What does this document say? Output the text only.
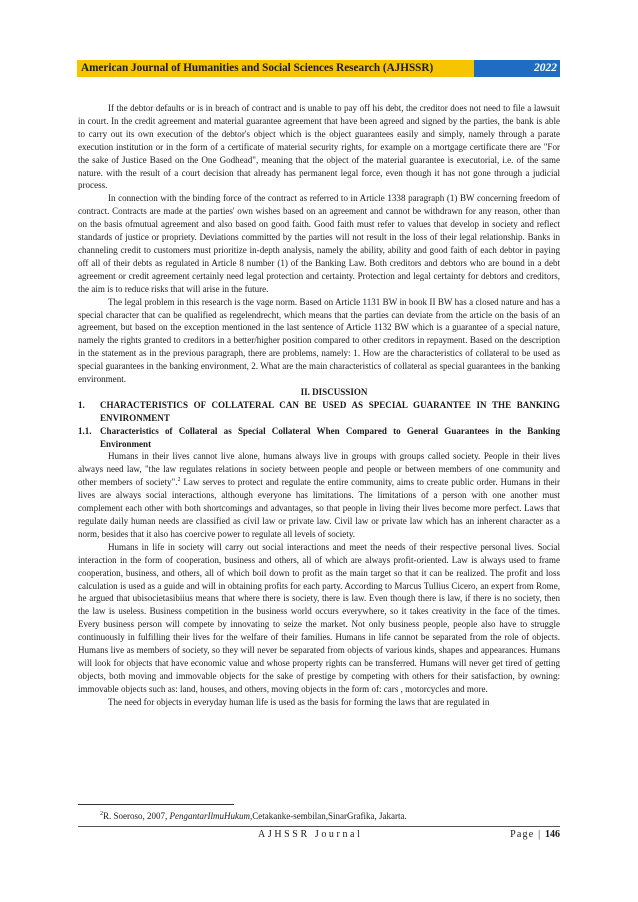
American Journal of Humanities and Social Sciences Research (AJHSSR)	2022

If the debtor defaults or is in breach of contract and is unable to pay off his debt, the creditor does not need to file a lawsuit in court. In the credit agreement and material guarantee agreement that have been agreed and signed by the parties, the bank is able to carry out its own execution of the debtor's object which is the object guarantees easily and simply, namely through a parate execution institution or in the form of a certificate of material security rights, for example on a mortgage certificate there are "For the sake of Justice Based on the One Godhead", meaning that the object of the material guarantee is executorial, i.e. of the same nature. with the result of a court decision that already has permanent legal force, even though it has not gone through a judicial process.

In connection with the binding force of the contract as referred to in Article 1338 paragraph (1) BW concerning freedom of contract. Contracts are made at the parties' own wishes based on an agreement and cannot be withdrawn for any reason, other than on the basis ofmutual agreement and also based on good faith. Good faith must refer to values that develop in society and reflect standards of justice or propriety. Deviations committed by the parties will not result in the loss of their legal relationship. Banks in channeling credit to customers must prioritize in-depth analysis, namely the ability, ability and good faith of each debtor in paying off all of their debts as regulated in Article 8 number (1) of the Banking Law. Both creditors and debtors who are bound in a debt agreement or credit agreement certainly need legal protection and certainty. Protection and legal certainty for debtors and creditors, the aim is to reduce risks that will arise in the future.

The legal problem in this research is the vage norm. Based on Article 1131 BW in book II BW has a closed nature and has a special character that can be qualified as regelendrecht, which means that the parties can deviate from the article on the basis of an agreement, but based on the exception mentioned in the last sentence of Article 1132 BW which is a guarantee of a special nature, namely the rights granted to creditors in a better/higher position compared to other creditors in repayment. Based on the description in the statement as in the previous paragraph, there are problems, namely: 1. How are the characteristics of collateral to be used as special guarantees in the banking environment, 2. What are the main characteristics of collateral as special guarantees in the banking environment.

II. DISCUSSION

1.	CHARACTERISTICS OF COLLATERAL CAN BE USED AS SPECIAL GUARANTEE IN THE BANKING ENVIRONMENT
1.1. Characteristics of Collateral as Special Collateral When Compared to General Guarantees in the Banking Environment

Humans in their lives cannot live alone, humans always live in groups with groups called society. People in their lives always need law, "the law regulates relations in society between people and people or between members of one community and other members of society".$^2$ Law serves to protect and regulate the entire community, aims to create public order. Humans in their lives are always social interactions, although everyone has limitations. The limitations of a person with one another must complement each other with both shortcomings and advantages, so that people in living their lives become more perfect. Laws that regulate daily human needs are classified as civil law or private law. Civil law or private law which has an inherent character as a norm, besides that it also has coercive power to regulate all levels of society.

Humans in life in society will carry out social interactions and meet the needs of their respective personal lives. Social interaction in the form of cooperation, business and others, all of which are always profit-oriented. Law is always used to frame cooperation, business, and others, all of which boil down to profit as the main target so that it can be realized. The profit and loss calculation is used as a guide and will in obtaining profits for each party. According to Marcus Tullius Cicero, an expert from Rome, he argued that ubisocietasibiius means that where there is society, there is law. Even though there is law, if there is no society, then the law is useless. Business competition in the business world occurs everywhere, so it takes creativity in the face of the times. Every business person will compete by innovating to seize the market. Not only business people, people also have to struggle continuously in fulfilling their lives for the welfare of their families. Humans in life cannot be separated from the role of objects. Humans live as members of society, so they will never be separated from objects of various kinds, shapes and appearances. Humans will look for objects that have economic value and whose property rights can be transferred. Humans will never get tired of getting objects, both moving and immovable objects for the sake of prestige by competing with others for their satisfaction, by owning: immovable objects such as: land, houses, and others, moving objects in the form of: cars , motorcycles and more.

The need for objects in everyday human life is used as the basis for forming the laws that are regulated in

$^2$R. Soeroso, 2007, PengantarIlmuHukum,Cetakanke-sembilan,SinarGrafika, Jakarta.
AJHSSR Journal	Page | 146
